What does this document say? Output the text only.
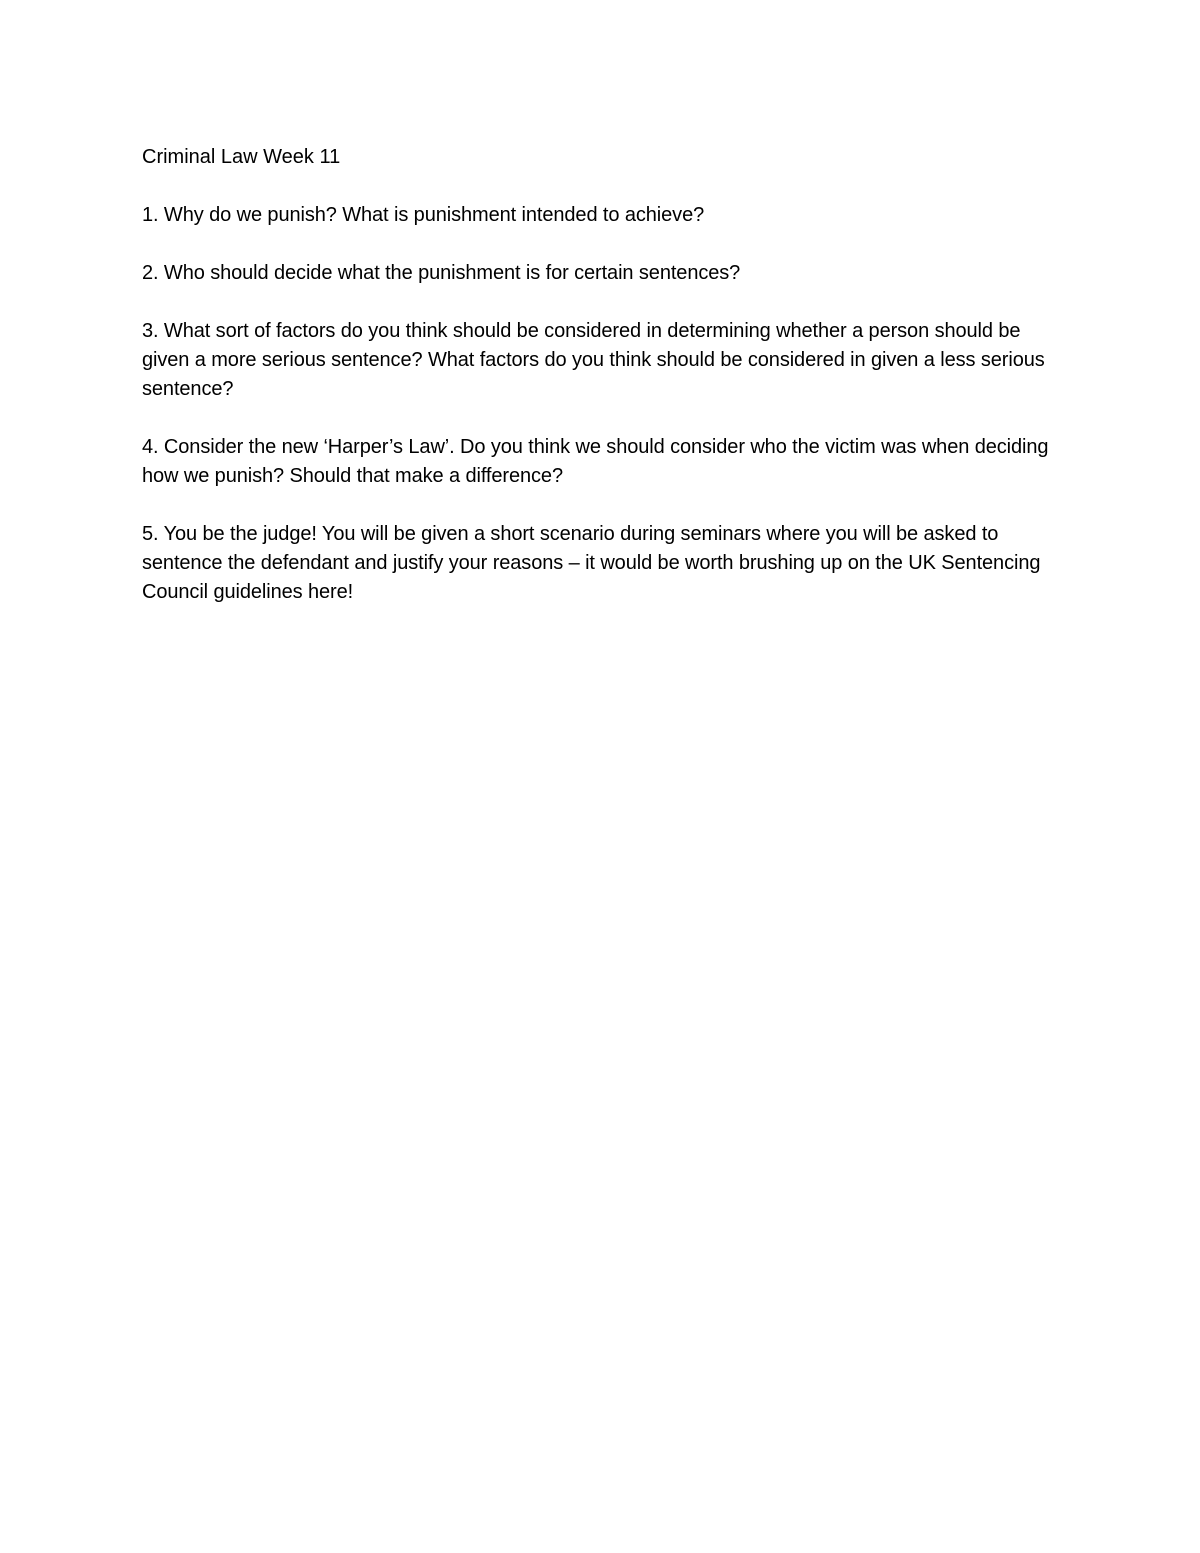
Criminal Law Week 11

1. Why do we punish? What is punishment intended to achieve?

2. Who should decide what the punishment is for certain sentences?

3. What sort of factors do you think should be considered in determining whether a person should be given a more serious sentence? What factors do you think should be considered in given a less serious sentence?

4. Consider the new ‘Harper’s Law’. Do you think we should consider who the victim was when deciding how we punish? Should that make a difference?

5. You be the judge! You will be given a short scenario during seminars where you will be asked to sentence the defendant and justify your reasons – it would be worth brushing up on the UK Sentencing Council guidelines here!
